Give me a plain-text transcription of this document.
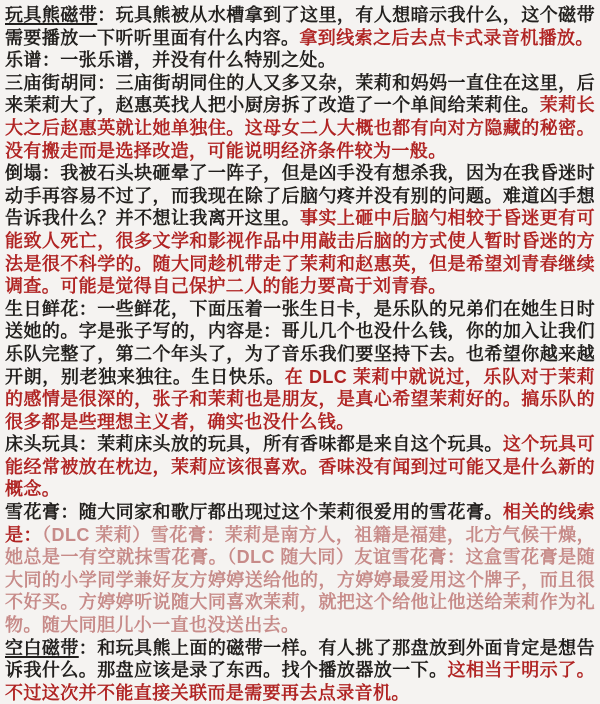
玩具熊磁带：玩具熊被从水槽拿到了这里，有人想暗示我什么，这个磁带需要播放一下听听里面有什么内容。拿到线索之后去点卡式录音机播放。

乐谱：一张乐谱，并没有什么特别之处。

三庙街胡同：三庙街胡同住的人又多又杂，茉莉和妈妈一直住在这里，后来茉莉大了，赵惠英找人把小厨房拆了改造了一个单间给茉莉住。茉莉长大之后赵惠英就让她单独住。这母女二人大概也都有向对方隐藏的秘密。没有搬走而是选择改造，可能说明经济条件较为一般。

倒塌：我被石头块砸晕了一阵子，但是凶手没有想杀我，因为在我昏迷时动手再容易不过了，而我现在除了后脑勺疼并没有别的问题。难道凶手想告诉我什么？并不想让我离开这里。事实上砸中后脑勺相较于昏迷更有可能致人死亡，很多文学和影视作品中用敲击后脑的方式使人暂时昏迷的方法是很不科学的。随大同趁机带走了茉莉和赵惠英，但是希望刘青春继续调查。可能是觉得自己保护二人的能力要高于刘青春。

生日鲜花：一些鲜花，下面压着一张生日卡，是乐队的兄弟们在她生日时送她的。字是张子写的，内容是：哥儿几个也没什么钱，你的加入让我们乐队完整了，第二个年头了，为了音乐我们要坚持下去。也希望你越来越开朗，别老独来独往。生日快乐。在 DLC 茉莉中就说过，乐队对于茉莉的感情是很深的，张子和茉莉也是朋友，是真心希望茉莉好的。搞乐队的很多都是些理想主义者，确实也没什么钱。

床头玩具：茉莉床头放的玩具，所有香味都是来自这个玩具。这个玩具可能经常被放在枕边，茉莉应该很喜欢。香味没有闻到过可能又是什么新的概念。

雪花膏：随大同家和歌厅都出现过这个茉莉很爱用的雪花膏。相关的线索是：（DLC 茉莉）雪花膏：茉莉是南方人，祖籍是福建，北方气候干燥，她总是一有空就抹雪花膏。（DLC 随大同）友谊雪花膏：这盒雪花膏是随大同的小学同学兼好友方婷婷送给他的，方婷婷最爱用这个牌子，而且很不好买。方婷婷听说随大同喜欢茉莉，就把这个给他让他送给茉莉作为礼物。随大同胆儿小一直也没送出去。

空白磁带：和玩具熊上面的磁带一样。有人挑了那盘放到外面肯定是想告诉我什么。那盘应该是录了东西。找个播放器放一下。这相当于明示了。不过这次并不能直接关联而是需要再去点录音机。
